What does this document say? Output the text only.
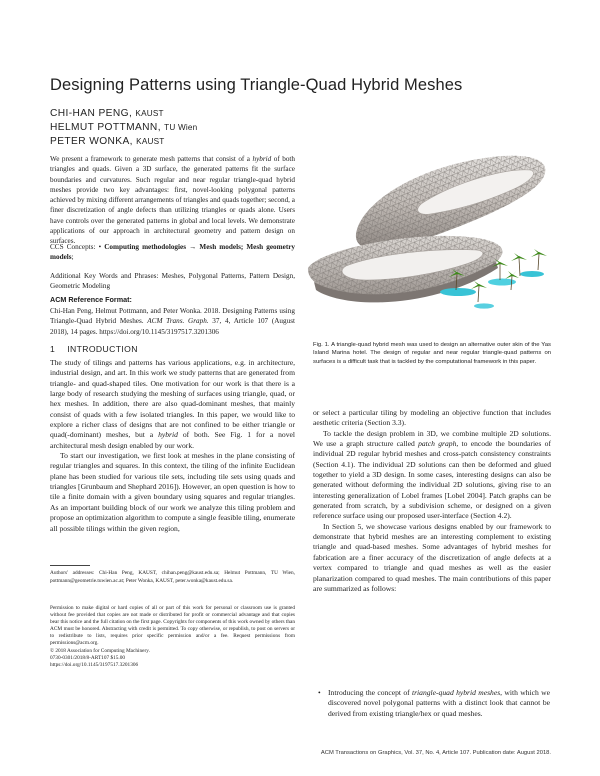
Designing Patterns using Triangle-Quad Hybrid Meshes
CHI-HAN PENG, KAUST
HELMUT POTTMANN, TU Wien
PETER WONKA, KAUST

We present a framework to generate mesh patterns that consist of a hybrid of both triangles and quads. Given a 3D surface, the generated patterns fit the surface boundaries and curvatures. Such regular and near regular triangle-quad hybrid meshes provide two key advantages: first, novel-looking polygonal patterns achieved by mixing different arrangements of triangles and quads together; second, a finer discretization of angle defects than utilizing triangles or quads alone. Users have controls over the generated patterns in global and local levels. We demonstrate applications of our approach in architectural geometry and pattern design on surfaces.

CCS Concepts: • Computing methodologies → Mesh models; Mesh geometry models;

Additional Key Words and Phrases: Meshes, Polygonal Patterns, Pattern Design, Geometric Modeling

ACM Reference Format:

Chi-Han Peng, Helmut Pottmann, and Peter Wonka. 2018. Designing Patterns using Triangle-Quad Hybrid Meshes. ACM Trans. Graph. 37, 4, Article 107 (August 2018), 14 pages. https://doi.org/10.1145/3197517.3201306

1 INTRODUCTION

The study of tilings and patterns has various applications, e.g. in architecture, industrial design, and art. In this work we study patterns that are generated from triangle- and quad-shaped tiles. One motivation for our work is that there is a large body of research studying the meshing of surfaces using triangle, quad, or hex meshes. In addition, there are also quad-dominant meshes, that mainly consist of quads with a few isolated triangles. In this paper, we would like to explore a richer class of designs that are not confined to be either triangle or quad(-dominant) meshes, but a hybrid of both. See Fig. 1 for a novel architectural mesh design enabled by our work.

To start our investigation, we first look at meshes in the plane consisting of regular triangles and squares. In this context, the tiling of the infinite Euclidean plane has been studied for various tile sets, including tile sets using quads and triangles [Grunbaum and Shephard 2016]). However, an open question is how to tile a finite domain with a given boundary using squares and regular triangles. As an important building block of our work we analyze this tiling problem and propose an optimization algorithm to compute a single feasible tiling, enumerate all possible tilings within the given region,

Authors' addresses: Chi-Han Peng, KAUST, chihan.peng@kaust.edu.sa; Helmut Pottmann, TU Wien, pottmann@geometrie.tuwien.ac.at; Peter Wonka, KAUST, peter.wonka@kaust.edu.sa.
Permission to make digital or hard copies of all or part of this work for personal or classroom use is granted without fee provided that copies are not made or distributed for profit or commercial advantage and that copies bear this notice and the full citation on the first page. Copyrights for components of this work owned by others than ACM must be honored. Abstracting with credit is permitted. To copy otherwise, or republish, to post on servers or to redistribute to lists, requires prior specific permission and/or a fee. Request permissions from permissions@acm.org.
© 2018 Association for Computing Machinery.
0730-0301/2018/8-ART107 $15.00
https://doi.org/10.1145/3197517.3201306
Fig. 1. A triangle-quad hybrid mesh was used to design an alternative outer skin of the Yas Island Marina hotel. The design of regular and near regular triangle-quad patterns on surfaces is a difficult task that is tackled by the computational framework in this paper.

or select a particular tiling by modeling an objective function that includes aesthetic criteria (Section 3.3).

To tackle the design problem in 3D, we combine multiple 2D solutions. We use a graph structure called patch graph, to encode the boundaries of individual 2D regular hybrid meshes and cross-patch consistency constraints (Section 4.1). The individual 2D solutions can then be deformed and glued together to yield a 3D design. In some cases, interesting designs can also be generated without deforming the individual 2D solutions, giving rise to an interesting generalization of Lobel frames [Lobel 2004]. Patch graphs can be generated from scratch, by a subdivision scheme, or designed on a given reference surface using our proposed user-interface (Section 4.2).

In Section 5, we showcase various designs enabled by our framework to demonstrate that hybrid meshes are an interesting complement to existing triangle and quad-based meshes. Some advantages of hybrid meshes for fabrication are a finer accuracy of the discretization of angle defects at a vertex compared to triangle and quad meshes as well as the easier planarization compared to quad meshes. The main contributions of this paper are summarized as follows:

• Introducing the concept of triangle-quad hybrid meshes, with which we discovered novel polygonal patterns with a distinct look that cannot be derived from existing triangle/hex or quad meshes.
ACM Transactions on Graphics, Vol. 37, No. 4, Article 107. Publication date: August 2018.
